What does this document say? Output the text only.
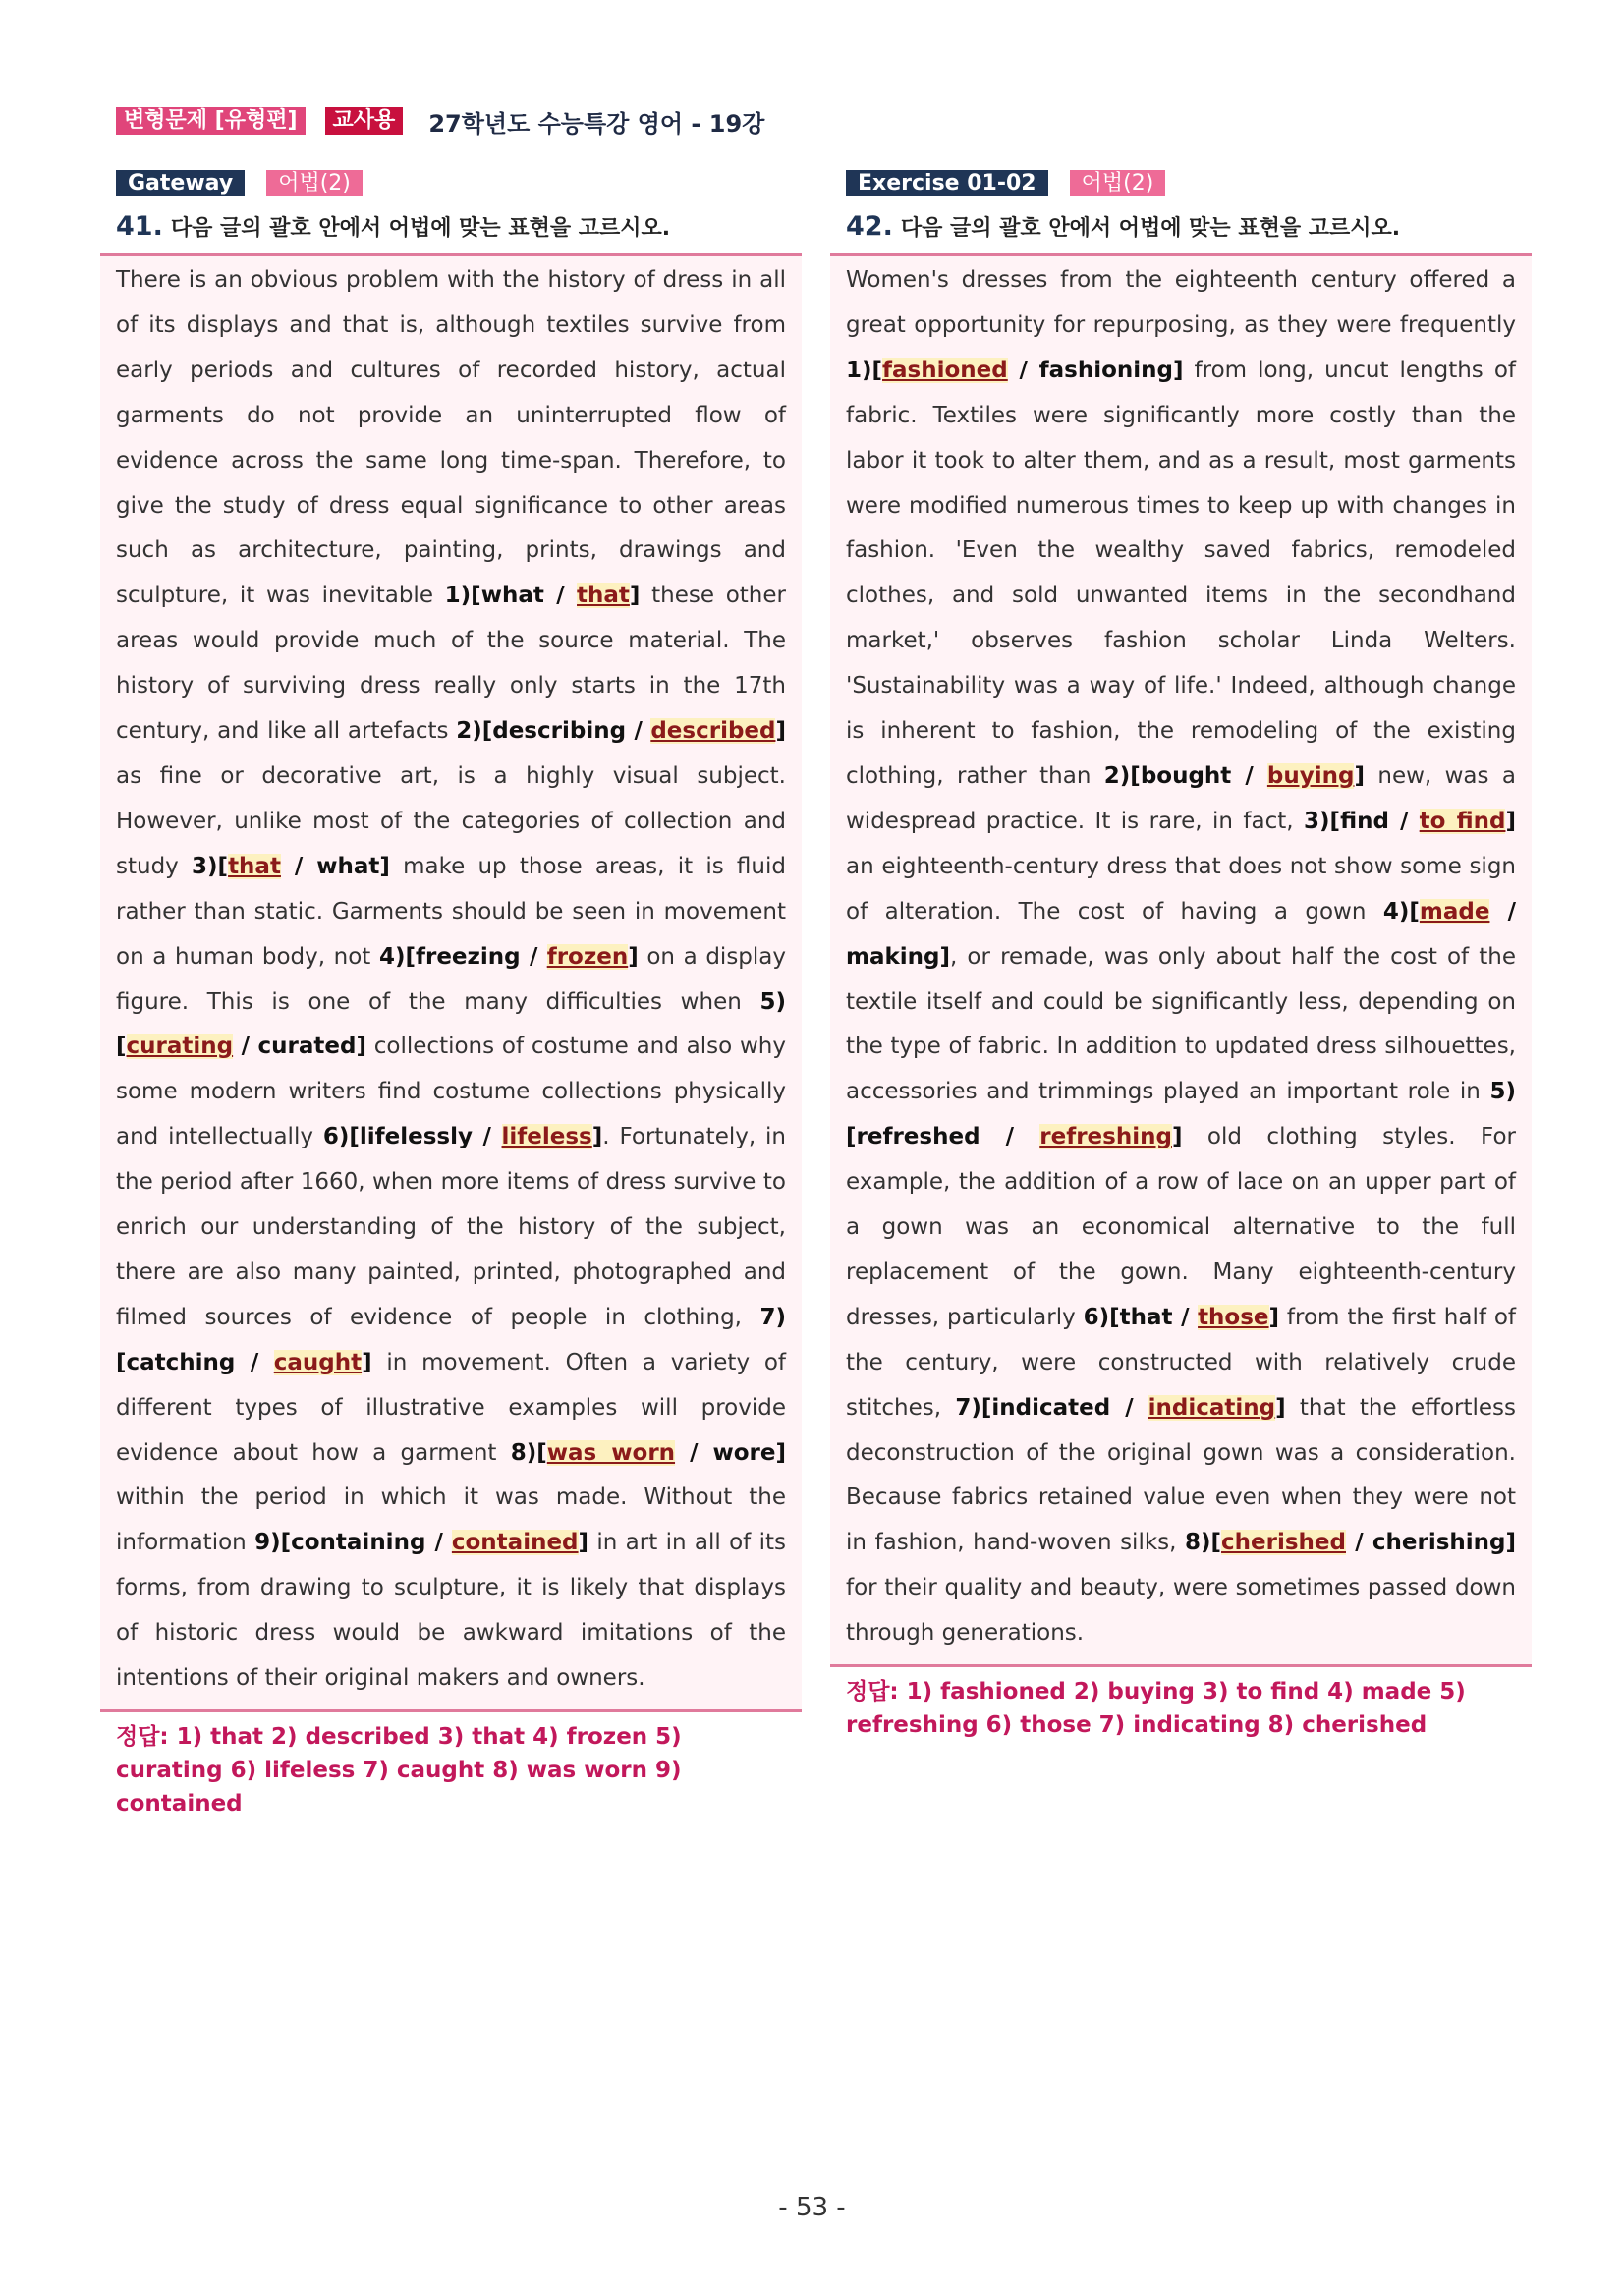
변형문제 [유형편]	교사용	27학년도 수능특강 영어 - 19강
Gateway	어법(2)
41. 다음 글의 괄호 안에서 어법에 맞는 표현을 고르시오.
There is an obvious problem with the history of dress in all of its displays and that is, although textiles survive from early periods and cultures of recorded history, actual garments do not provide an uninterrupted flow of evidence across the same long time-span. Therefore, to give the study of dress equal significance to other areas such as architecture, painting, prints, drawings and sculpture, it was inevitable 1)[what / that] these other areas would provide much of the source material. The history of surviving dress really only starts in the 17th century, and like all artefacts 2)[describing / described] as fine or decorative art, is a highly visual subject. However, unlike most of the categories of collection and study 3)[that / what] make up those areas, it is fluid rather than static. Garments should be seen in movement on a human body, not 4)[freezing / frozen] on a display figure. This is one of the many difficulties when 5)[curating / curated] collections of costume and also why some modern writers find costume collections physically and intellectually 6)[lifelessly / lifeless]. Fortunately, in the period after 1660, when more items of dress survive to enrich our understanding of the history of the subject, there are also many painted, printed, photographed and filmed sources of evidence of people in clothing, 7)[catching / caught] in movement. Often a variety of different types of illustrative examples will provide evidence about how a garment 8)[was worn / wore] within the period in which it was made. Without the information 9)[containing / contained] in art in all of its forms, from drawing to sculpture, it is likely that displays of historic dress would be awkward imitations of the intentions of their original makers and owners.
정답: 1) that 2) described 3) that 4) frozen 5) curating 6) lifeless 7) caught 8) was worn 9) contained
Exercise 01-02	어법(2)
42. 다음 글의 괄호 안에서 어법에 맞는 표현을 고르시오.
Women's dresses from the eighteenth century offered a great opportunity for repurposing, as they were frequently 1)[fashioned / fashioning] from long, uncut lengths of fabric. Textiles were significantly more costly than the labor it took to alter them, and as a result, most garments were modified numerous times to keep up with changes in fashion. 'Even the wealthy saved fabrics, remodeled clothes, and sold unwanted items in the secondhand market,' observes fashion scholar Linda Welters. 'Sustainability was a way of life.' Indeed, although change is inherent to fashion, the remodeling of the existing clothing, rather than 2)[bought / buying] new, was a widespread practice. It is rare, in fact, 3)[find / to find] an eighteenth-century dress that does not show some sign of alteration. The cost of having a gown 4)[made / making], or remade, was only about half the cost of the textile itself and could be significantly less, depending on the type of fabric. In addition to updated dress silhouettes, accessories and trimmings played an important role in 5)[refreshed / refreshing] old clothing styles. For example, the addition of a row of lace on an upper part of a gown was an economical alternative to the full replacement of the gown. Many eighteenth-century dresses, particularly 6)[that / those] from the first half of the century, were constructed with relatively crude stitches, 7)[indicated / indicating] that the effortless deconstruction of the original gown was a consideration. Because fabrics retained value even when they were not in fashion, hand-woven silks, 8)[cherished / cherishing] for their quality and beauty, were sometimes passed down through generations.
정답: 1) fashioned 2) buying 3) to find 4) made 5) refreshing 6) those 7) indicating 8) cherished
- 53 -
